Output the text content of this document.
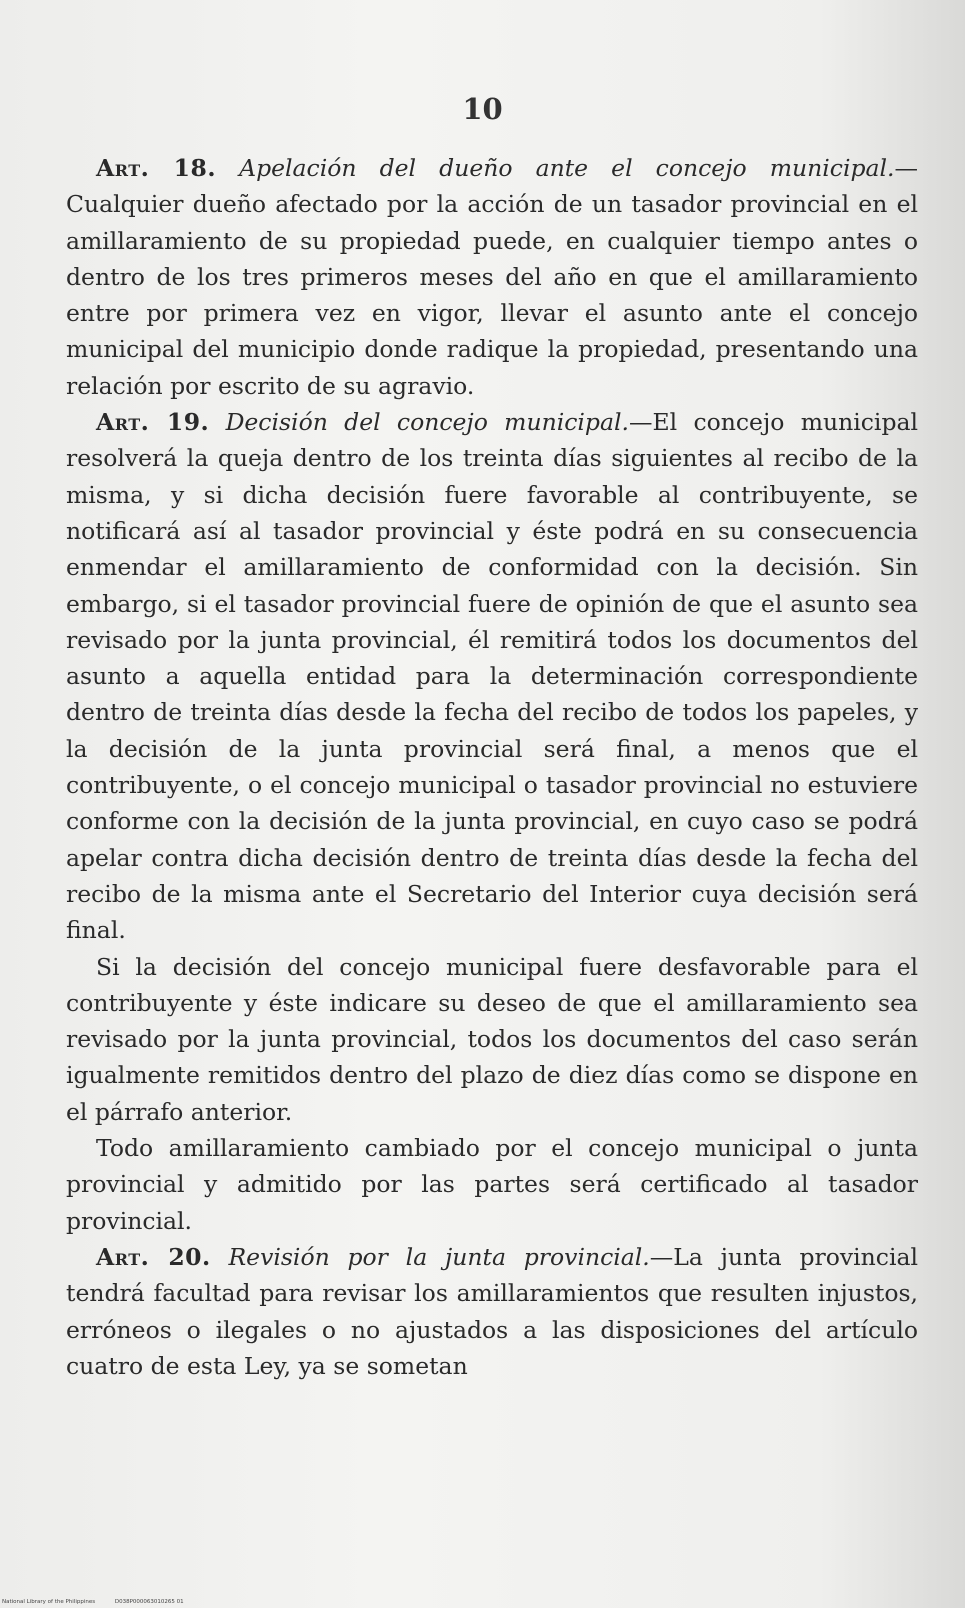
10

Art. 18. Apelación del dueño ante el concejo municipal.— Cualquier dueño afectado por la acción de un tasador provincial en el amillaramiento de su propiedad puede, en cualquier tiempo antes o dentro de los tres primeros meses del año en que el amillaramiento entre por primera vez en vigor, llevar el asunto ante el concejo municipal del municipio donde radique la propiedad, presentando una relación por escrito de su agravio.

Art. 19. Decisión del concejo municipal.—El concejo municipal resolverá la queja dentro de los treinta días siguientes al recibo de la misma, y si dicha decisión fuere favorable al contribuyente, se notificará así al tasador provincial y éste podrá en su consecuencia enmendar el amillaramiento de conformidad con la decisión. Sin embargo, si el tasador provincial fuere de opinión de que el asunto sea revisado por la junta provincial, él remitirá todos los documentos del asunto a aquella entidad para la determinación correspondiente dentro de treinta días desde la fecha del recibo de todos los papeles, y la decisión de la junta provincial será final, a menos que el contribuyente, o el concejo municipal o tasador provincial no estuviere conforme con la decisión de la junta provincial, en cuyo caso se podrá apelar contra dicha decisión dentro de treinta días desde la fecha del recibo de la misma ante el Secretario del Interior cuya decisión será final.

Si la decisión del concejo municipal fuere desfavorable para el contribuyente y éste indicare su deseo de que el amillaramiento sea revisado por la junta provincial, todos los documentos del caso serán igualmente remitidos dentro del plazo de diez días como se dispone en el párrafo anterior.

Todo amillaramiento cambiado por el concejo municipal o junta provincial y admitido por las partes será certificado al tasador provincial.

Art. 20. Revisión por la junta provincial.—La junta provincial tendrá facultad para revisar los amillaramientos que resulten injustos, erróneos o ilegales o no ajustados a las disposiciones del artículo cuatro de esta Ley, ya se sometan

National Library of the Philippines	D038P000063010265 01
